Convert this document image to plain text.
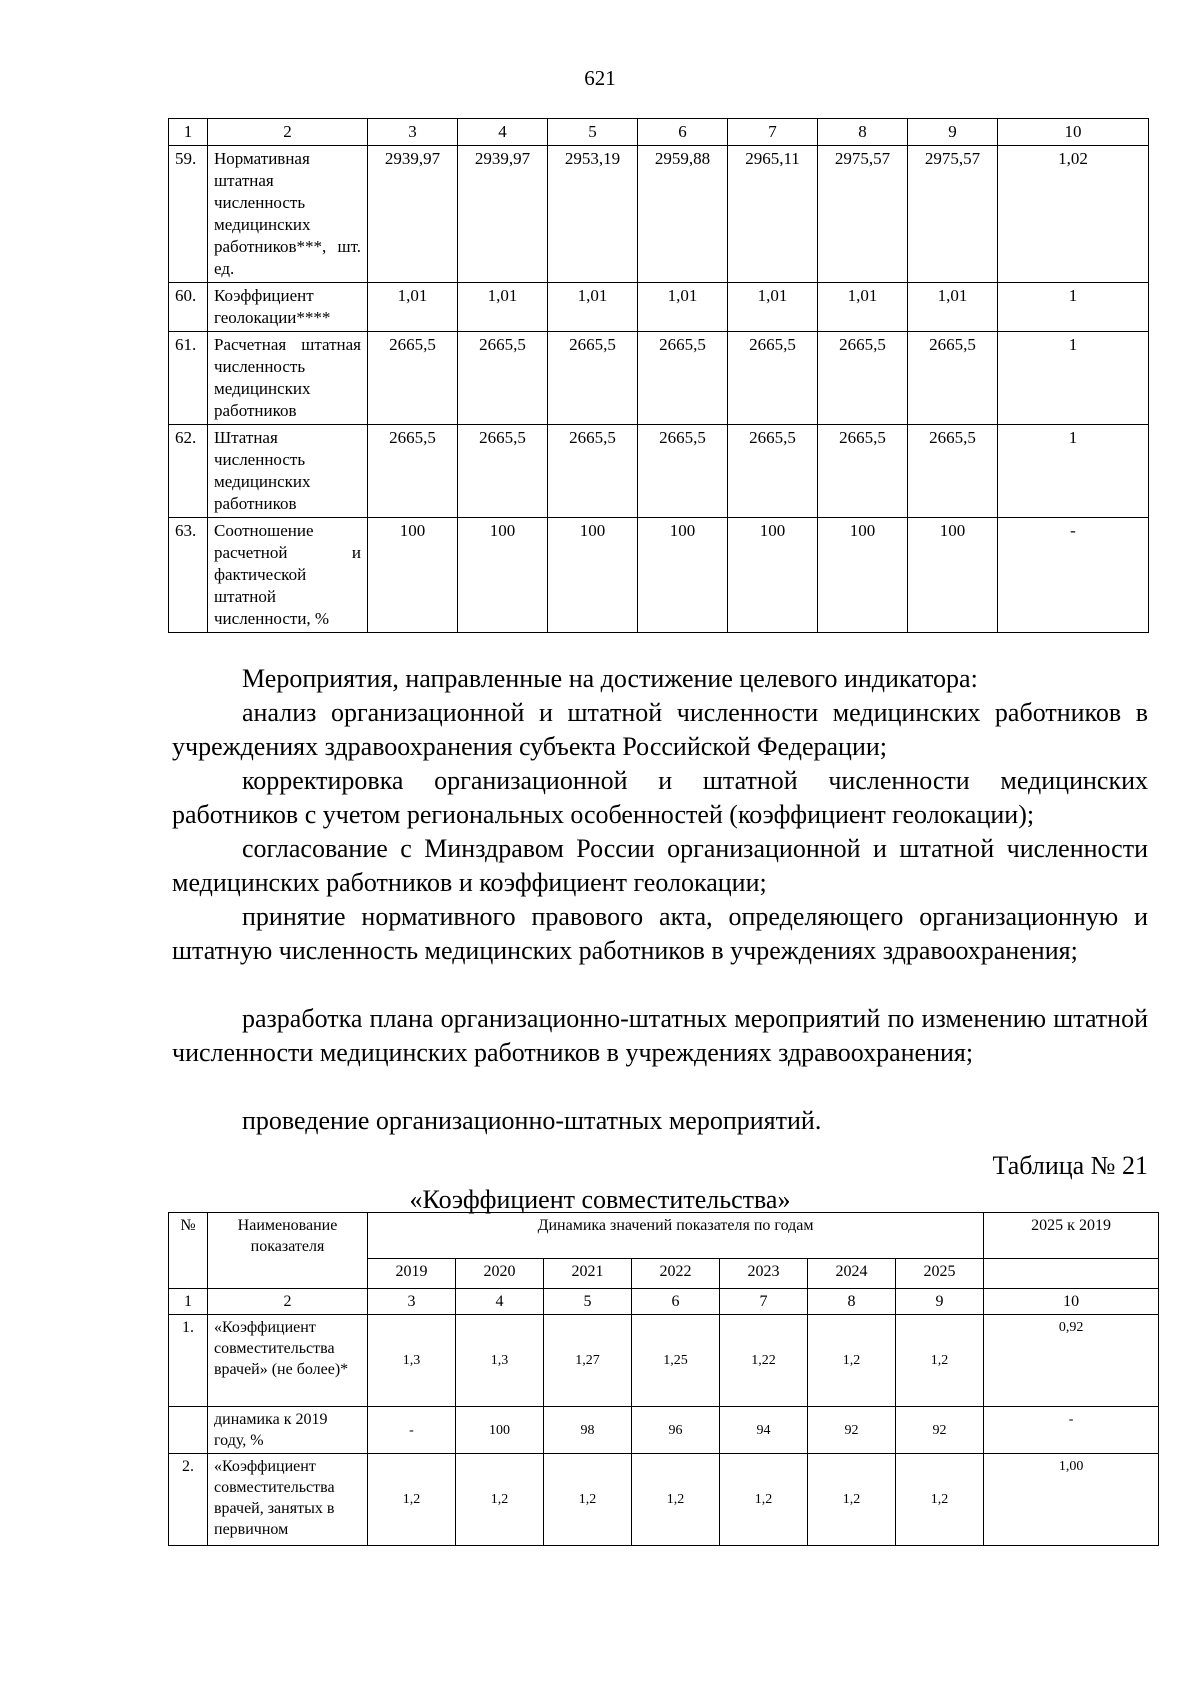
621
1	2	3	4	5	6	7	8	9	10
59.	Нормативная штатная численность медицинских работников***, шт. ед.	2939,97	2939,97	2953,19	2959,88	2965,11	2975,57	2975,57	1,02
60.	Коэффициент геолокации****	1,01	1,01	1,01	1,01	1,01	1,01	1,01	1
61.	Расчетная штатная численность медицинских работников	2665,5	2665,5	2665,5	2665,5	2665,5	2665,5	2665,5	1
62.	Штатная численность медицинских работников	2665,5	2665,5	2665,5	2665,5	2665,5	2665,5	2665,5	1
63.	Соотношение расчетной и фактической штатной численности, %	100	100	100	100	100	100	100	-
Мероприятия, направленные на достижение целевого индикатора:
анализ организационной и штатной численности медицинских работников в учреждениях здравоохранения субъекта Российской Федерации;
корректировка организационной и штатной численности медицинских работников с учетом региональных особенностей (коэффициент геолокации);
согласование с Минздравом России организационной и штатной численности медицинских работников и коэффициент геолокации;
принятие нормативного правового акта, определяющего организационную и штатную численность медицинских работников в учреждениях здравоохранения;
разработка плана организационно-штатных мероприятий по изменению штатной численности медицинских работников в учреждениях здравоохранения;
проведение организационно-штатных мероприятий.
Таблица № 21
«Коэффициент совместительства»
№	Наименование показателя	Динамика значений показателя по годам							2025 к 2019
		2019	2020	2021	2022	2023	2024	2025	
1	2	3	4	5	6	7	8	9	10
1.	«Коэффициент совместительства врачей» (не более)*	1,3	1,3	1,27	1,25	1,22	1,2	1,2	0,92
	динамика к 2019 году, %	-	100	98	96	94	92	92	-
2.	«Коэффициент совместительства врачей, занятых в первичном	1,2	1,2	1,2	1,2	1,2	1,2	1,2	1,00
